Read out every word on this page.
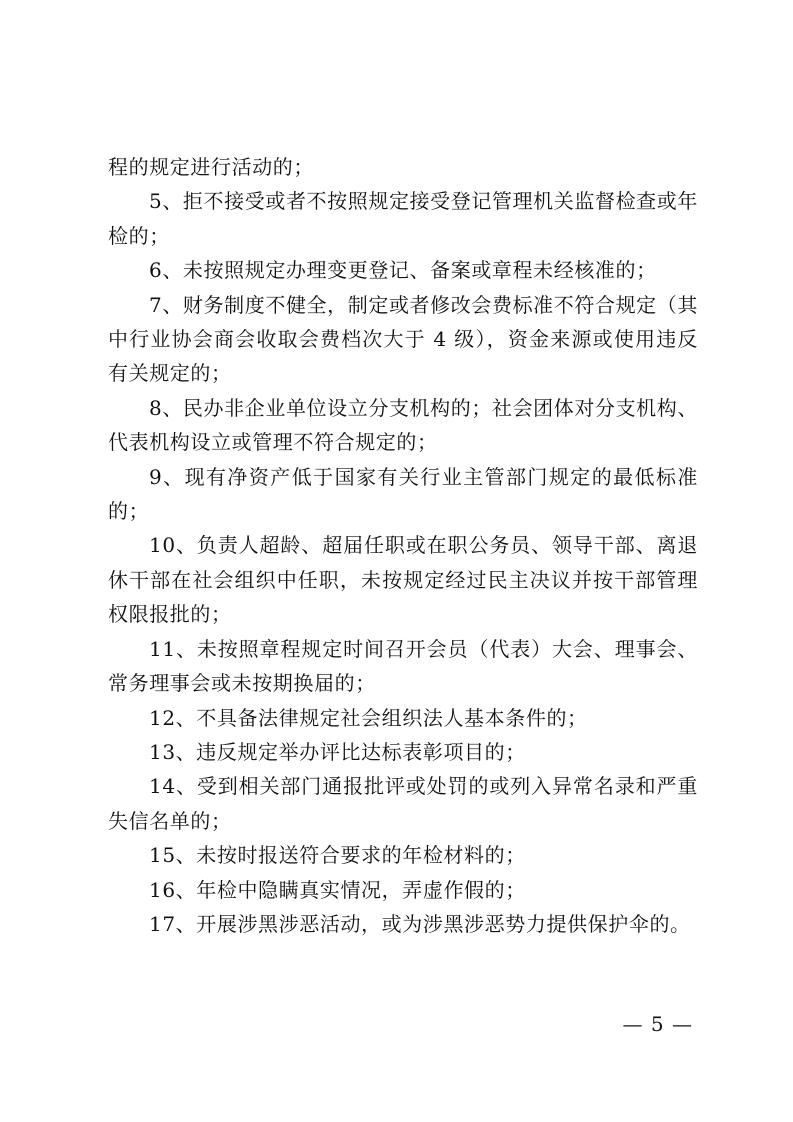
程的规定进行活动的；

5、拒不接受或者不按照规定接受登记管理机关监督检查或年检的；

6、未按照规定办理变更登记、备案或章程未经核准的；

7、财务制度不健全，制定或者修改会费标准不符合规定（其中行业协会商会收取会费档次大于 4 级），资金来源或使用违反有关规定的；

8、民办非企业单位设立分支机构的；社会团体对分支机构、代表机构设立或管理不符合规定的；

9、现有净资产低于国家有关行业主管部门规定的最低标准的；

10、负责人超龄、超届任职或在职公务员、领导干部、离退休干部在社会组织中任职，未按规定经过民主决议并按干部管理权限报批的；

11、未按照章程规定时间召开会员（代表）大会、理事会、常务理事会或未按期换届的；

12、不具备法律规定社会组织法人基本条件的；

13、违反规定举办评比达标表彰项目的；

14、受到相关部门通报批评或处罚的或列入异常名录和严重失信名单的；

15、未按时报送符合要求的年检材料的；

16、年检中隐瞒真实情况，弄虚作假的；

17、开展涉黑涉恶活动，或为涉黑涉恶势力提供保护伞的。

— 5 —
